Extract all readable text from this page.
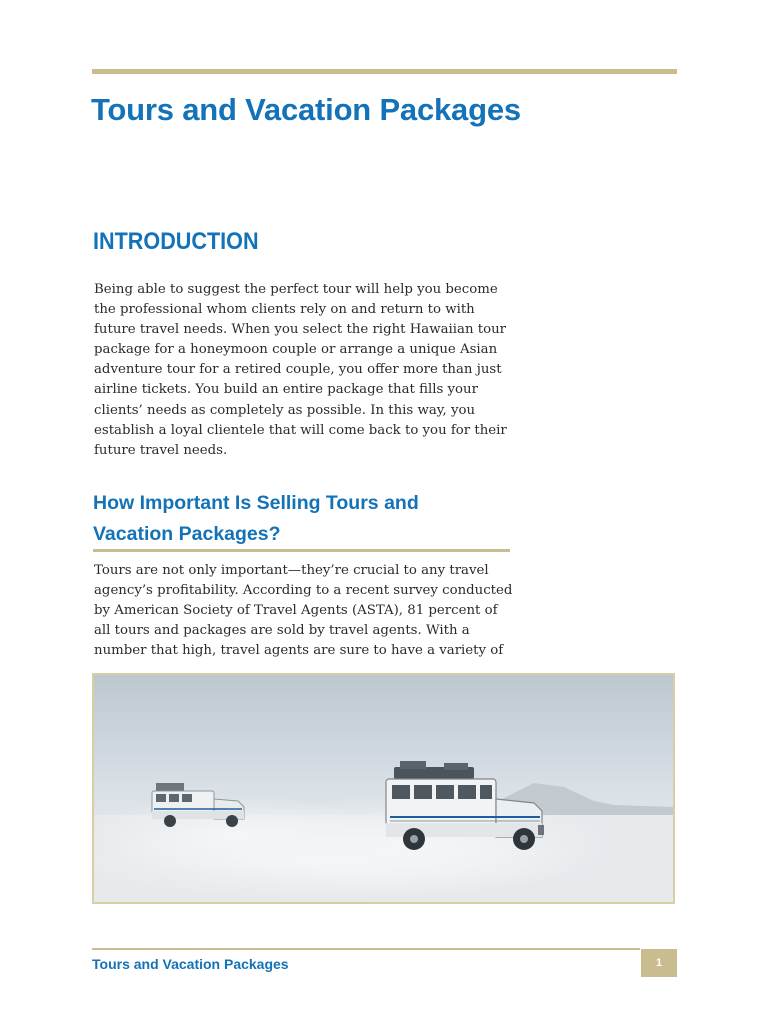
Tours and Vacation Packages
INTRODUCTION

Being able to suggest the perfect tour will help you become the professional whom clients rely on and return to with future travel needs. When you select the right Hawaiian tour package for a honeymoon couple or arrange a unique Asian adventure tour for a retired couple, you offer more than just airline tickets. You build an entire package that fills your clients’ needs as completely as possible. In this way, you establish a loyal clientele that will come back to you for their future travel needs.

How Important Is Selling Tours and
Vacation Packages?

Tours are not only important—they’re crucial to any travel agency’s profitability. According to a recent survey conducted by American Society of Travel Agents (ASTA), 81 percent of all tours and packages are sold by travel agents. With a number that high, travel agents are sure to have a variety of

Tours and Vacation Packages	1
